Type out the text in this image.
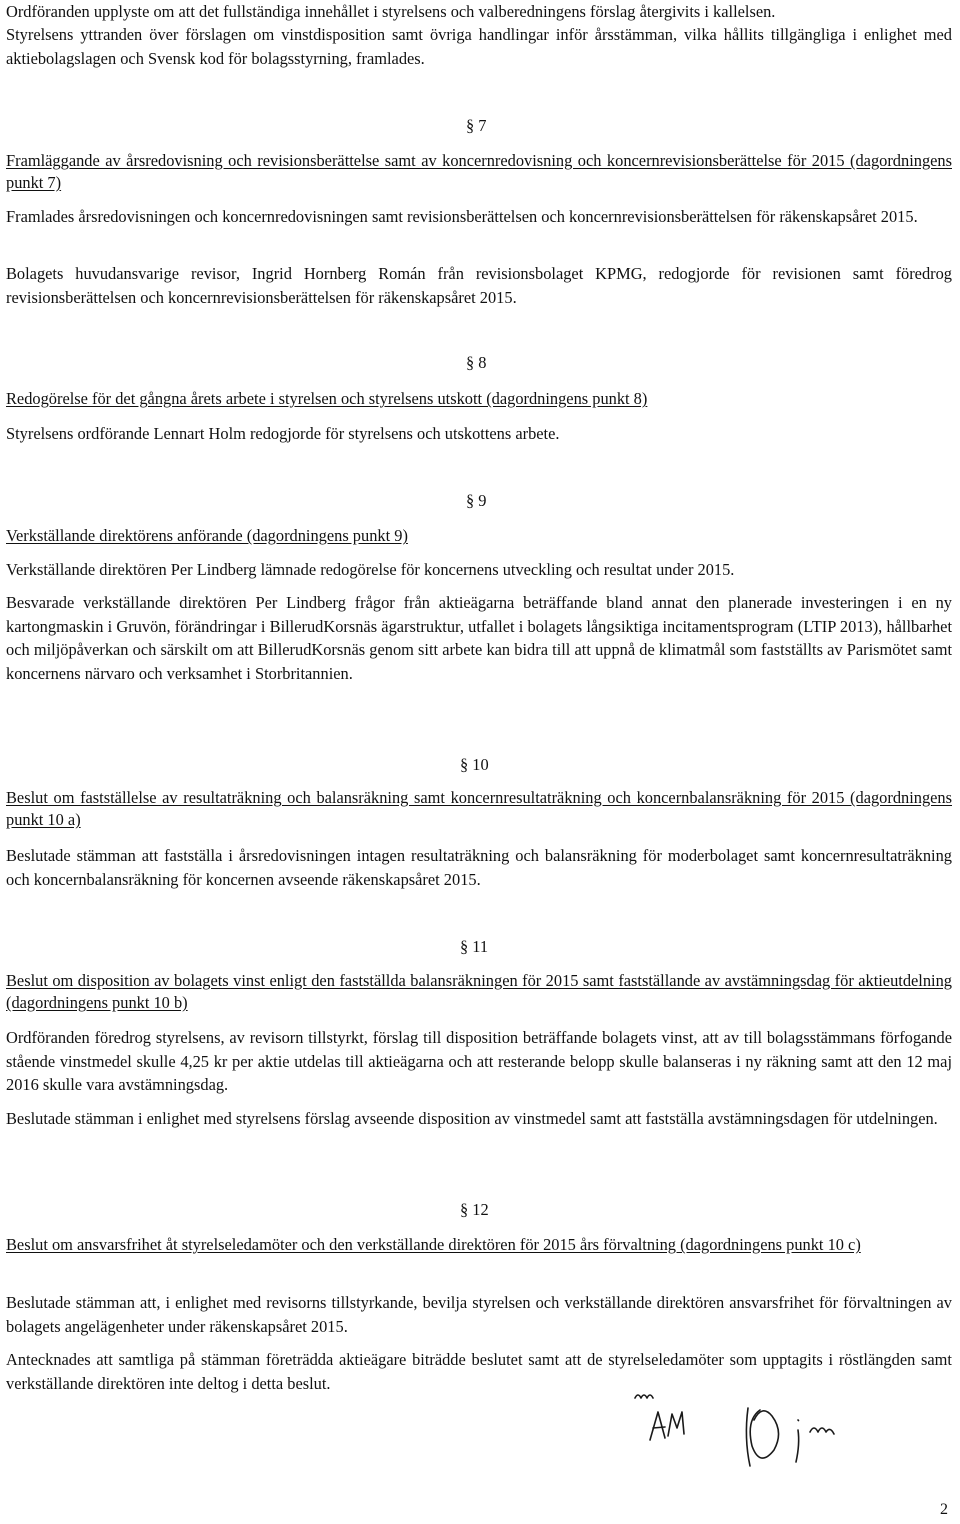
Ordföranden upplyste om att det fullständiga innehållet i styrelsens och valberedningens förslag återgivits i kallelsen.

Styrelsens yttranden över förslagen om vinstdisposition samt övriga handlingar inför årsstämman, vilka hållits tillgängliga i enlighet med aktiebolagslagen och Svensk kod för bolagsstyrning, framlades.

§ 7

Framläggande av årsredovisning och revisionsberättelse samt av koncernredovisning och koncernrevisionsberättelse för 2015 (dagordningens punkt 7)

Framlades årsredovisningen och koncernredovisningen samt revisionsberättelsen och koncernrevisionsberättelsen för räkenskapsåret 2015.

Bolagets huvudansvarige revisor, Ingrid Hornberg Román från revisionsbolaget KPMG, redogjorde för revisionen samt föredrog revisionsberättelsen och koncernrevisionsberättelsen för räkenskapsåret 2015.

§ 8

Redogörelse för det gångna årets arbete i styrelsen och styrelsens utskott (dagordningens punkt 8)

Styrelsens ordförande Lennart Holm redogjorde för styrelsens och utskottens arbete.

§ 9

Verkställande direktörens anförande (dagordningens punkt 9)

Verkställande direktören Per Lindberg lämnade redogörelse för koncernens utveckling och resultat under 2015.

Besvarade verkställande direktören Per Lindberg frågor från aktieägarna beträffande bland annat den planerade investeringen i en ny kartongmaskin i Gruvön, förändringar i BillerudKorsnäs ägarstruktur, utfallet i bolagets långsiktiga incitamentsprogram (LTIP 2013), hållbarhet och miljöpåverkan och särskilt om att BillerudKorsnäs genom sitt arbete kan bidra till att uppnå de klimatmål som fastställts av Parismötet samt koncernens närvaro och verksamhet i Storbritannien.

§ 10

Beslut om fastställelse av resultaträkning och balansräkning samt koncernresultaträkning och koncernbalansräkning för 2015 (dagordningens punkt 10 a)

Beslutade stämman att fastställa i årsredovisningen intagen resultaträkning och balansräkning för moderbolaget samt koncernresultaträkning och koncernbalansräkning för koncernen avseende räkenskapsåret 2015.

§ 11

Beslut om disposition av bolagets vinst enligt den fastställda balansräkningen för 2015 samt fastställande av avstämningsdag för aktieutdelning (dagordningens punkt 10 b)

Ordföranden föredrog styrelsens, av revisorn tillstyrkt, förslag till disposition beträffande bolagets vinst, att av till bolagsstämmans förfogande stående vinstmedel skulle 4,25 kr per aktie utdelas till aktieägarna och att resterande belopp skulle balanseras i ny räkning samt att den 12 maj 2016 skulle vara avstämningsdag.

Beslutade stämman i enlighet med styrelsens förslag avseende disposition av vinstmedel samt att fastställa avstämningsdagen för utdelningen.

§ 12

Beslut om ansvarsfrihet åt styrelseledamöter och den verkställande direktören för 2015 års förvaltning (dagordningens punkt 10 c)

Beslutade stämman att, i enlighet med revisorns tillstyrkande, bevilja styrelsen och verkställande direktören ansvarsfrihet för förvaltningen av bolagets angelägenheter under räkenskapsåret 2015.

Antecknades att samtliga på stämman företrädda aktieägare biträdde beslutet samt att de styrelseledamöter som upptagits i röstlängden samt verkställande direktören inte deltog i detta beslut.

2
